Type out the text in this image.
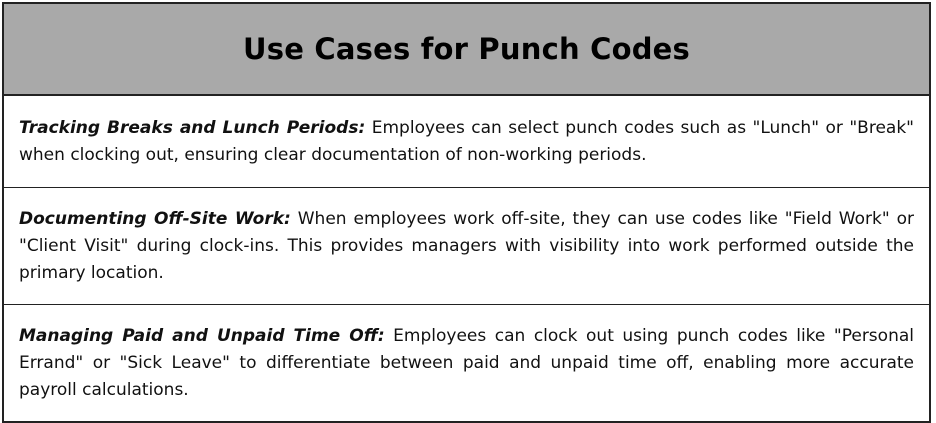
Use Cases for Punch Codes

Tracking Breaks and Lunch Periods: Employees can select punch codes such as "Lunch" or "Break" when clocking out, ensuring clear documentation of non-working periods.

Documenting Off-Site Work: When employees work off-site, they can use codes like "Field Work" or "Client Visit" during clock-ins. This provides managers with visibility into work performed outside the primary location.

Managing Paid and Unpaid Time Off: Employees can clock out using punch codes like "Personal Errand" or "Sick Leave" to differentiate between paid and unpaid time off, enabling more accurate payroll calculations.
